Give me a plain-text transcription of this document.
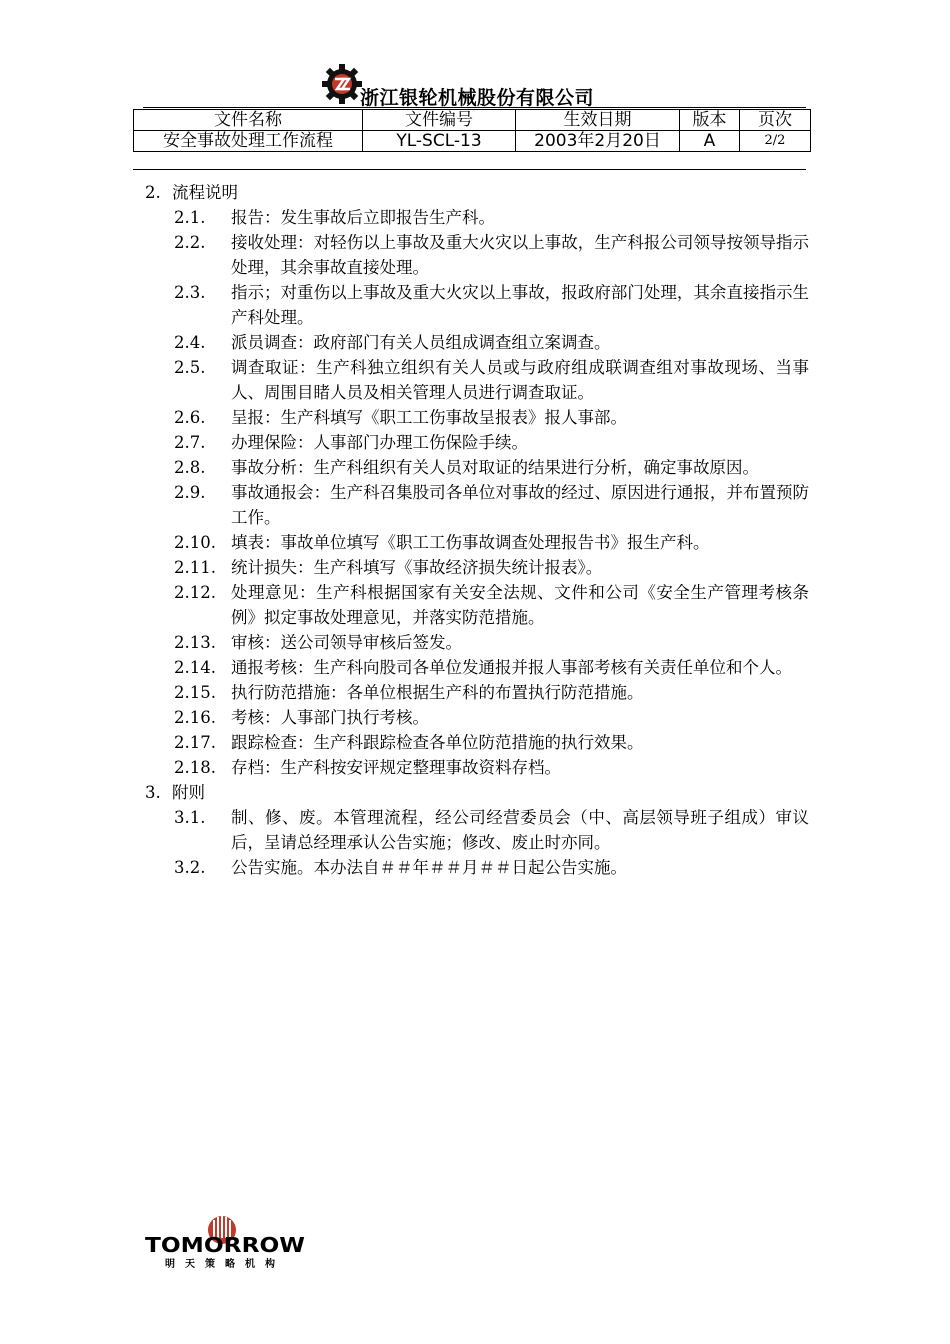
浙江银轮机械股份有限公司
文件名称	文件编号	生效日期	版本	页次
安全事故处理工作流程	YL-SCL-13	2003年2月20日	A	2/2
2. 流程说明
2.1. 报告：发生事故后立即报告生产科。
2.2. 接收处理：对轻伤以上事故及重大火灾以上事故，生产科报公司领导按领导指示处理，其余事故直接处理。
2.3. 指示；对重伤以上事故及重大火灾以上事故，报政府部门处理，其余直接指示生产科处理。
2.4. 派员调查：政府部门有关人员组成调查组立案调查。
2.5. 调查取证：生产科独立组织有关人员或与政府组成联调查组对事故现场、当事人、周围目睹人员及相关管理人员进行调查取证。
2.6. 呈报：生产科填写《职工工伤事故呈报表》报人事部。
2.7. 办理保险：人事部门办理工伤保险手续。
2.8. 事故分析：生产科组织有关人员对取证的结果进行分析，确定事故原因。
2.9. 事故通报会：生产科召集股司各单位对事故的经过、原因进行通报，并布置预防工作。
2.10. 填表：事故单位填写《职工工伤事故调查处理报告书》报生产科。
2.11. 统计损失：生产科填写《事故经济损失统计报表》。
2.12. 处理意见：生产科根据国家有关安全法规、文件和公司《安全生产管理考核条例》拟定事故处理意见，并落实防范措施。
2.13. 审核：送公司领导审核后签发。
2.14. 通报考核：生产科向股司各单位发通报并报人事部考核有关责任单位和个人。
2.15. 执行防范措施：各单位根据生产科的布置执行防范措施。
2.16. 考核：人事部门执行考核。
2.17. 跟踪检查：生产科跟踪检查各单位防范措施的执行效果。
2.18. 存档：生产科按安评规定整理事故资料存档。
3. 附则
3.1. 制、修、废。本管理流程，经公司经营委员会（中、高层领导班子组成）审议后，呈请总经理承认公告实施；修改、废止时亦同。
3.2. 公告实施。本办法自＃＃年＃＃月＃＃日起公告实施。
TOMORROW
明天策略机构
